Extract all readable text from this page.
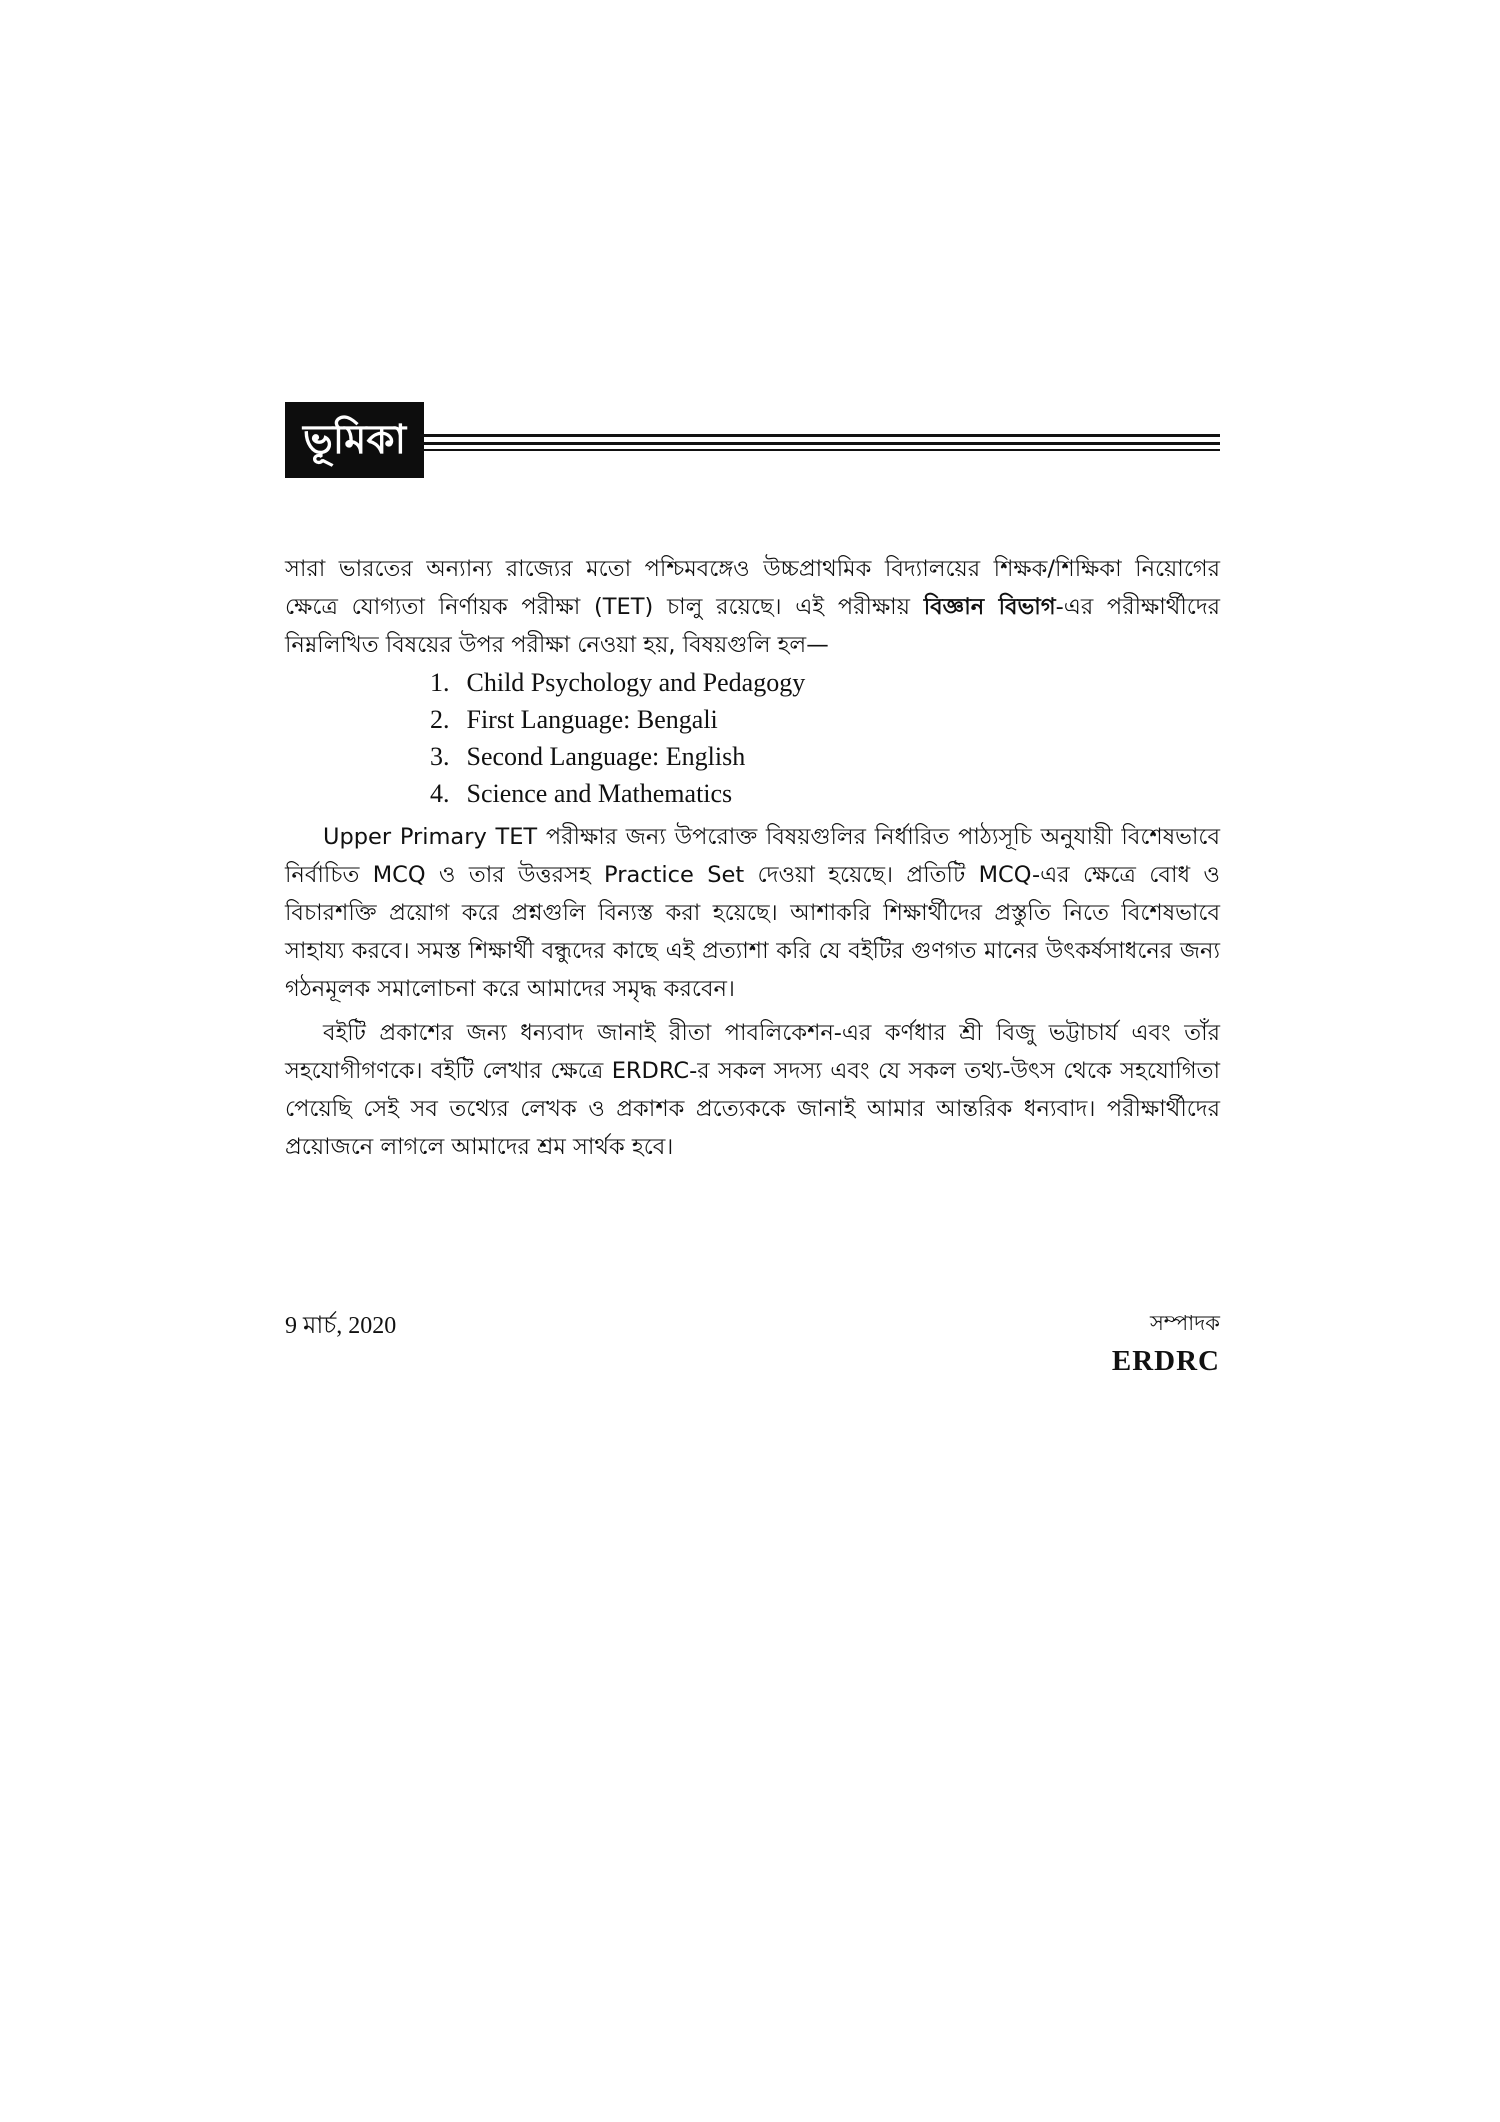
ভূমিকা

সারা ভারতের অন্যান্য রাজ্যের মতো পশ্চিমবঙ্গেও উচ্চপ্রাথমিক বিদ্যালয়ের শিক্ষক/শিক্ষিকা নিয়োগের ক্ষেত্রে যোগ্যতা নির্ণায়ক পরীক্ষা (TET) চালু রয়েছে। এই পরীক্ষায় বিজ্ঞান বিভাগ-এর পরীক্ষার্থীদের নিম্নলিখিত বিষয়ের উপর পরীক্ষা নেওয়া হয়, বিষয়গুলি হল—

1. Child Psychology and Pedagogy
2. First Language: Bengali
3. Second Language: English
4. Science and Mathematics

Upper Primary TET পরীক্ষার জন্য উপরোক্ত বিষয়গুলির নির্ধারিত পাঠ্যসূচি অনুযায়ী বিশেষভাবে নির্বাচিত MCQ ও তার উত্তরসহ Practice Set দেওয়া হয়েছে। প্রতিটি MCQ-এর ক্ষেত্রে বোধ ও বিচারশক্তি প্রয়োগ করে প্রশ্নগুলি বিন্যস্ত করা হয়েছে। আশাকরি শিক্ষার্থীদের প্রস্তুতি নিতে বিশেষভাবে সাহায্য করবে। সমস্ত শিক্ষার্থী বন্ধুদের কাছে এই প্রত্যাশা করি যে বইটির গুণগত মানের উৎকর্ষসাধনের জন্য গঠনমূলক সমালোচনা করে আমাদের সমৃদ্ধ করবেন।

বইটি প্রকাশের জন্য ধন্যবাদ জানাই রীতা পাবলিকেশন-এর কর্ণধার শ্রী বিজু ভট্টাচার্য এবং তাঁর সহযোগীগণকে। বইটি লেখার ক্ষেত্রে ERDRC-র সকল সদস্য এবং যে সকল তথ্য-উৎস থেকে সহযোগিতা পেয়েছি সেই সব তথ্যের লেখক ও প্রকাশক প্রত্যেককে জানাই আমার আন্তরিক ধন্যবাদ। পরীক্ষার্থীদের প্রয়োজনে লাগলে আমাদের শ্রম সার্থক হবে।

9 মার্চ, 2020	সম্পাদক
ERDRC
